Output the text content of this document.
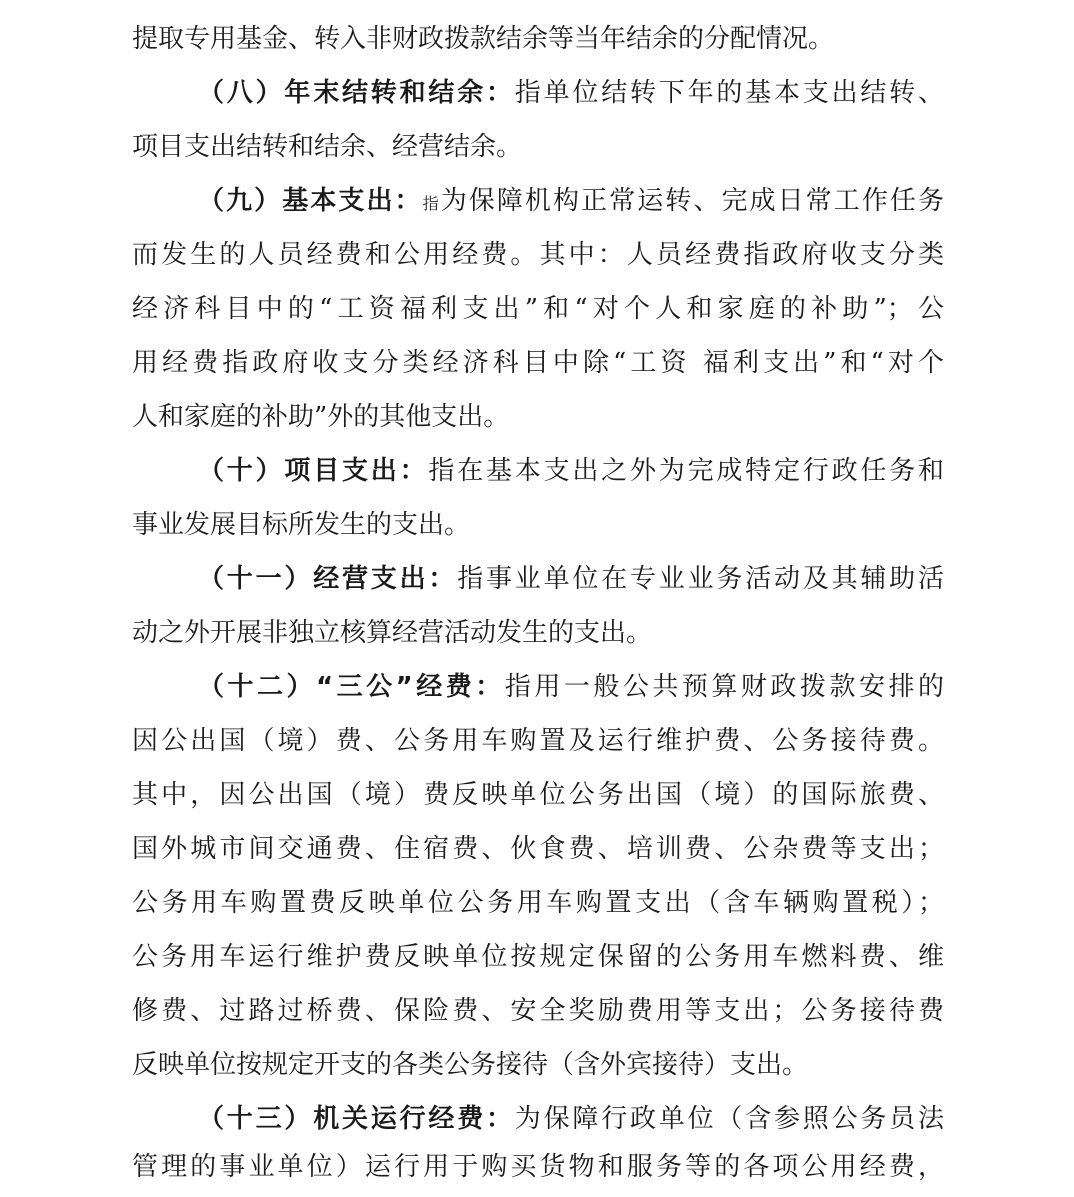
提取专用基金、转入非财政拨款结余等当年结余的分配情况。
（八）年末结转和结余：指单位结转下年的基本支出结转、
项目支出结转和结余、经营结余。
（九）基本支出：指为保障机构正常运转、完成日常工作任务
而发生的人员经费和公用经费。其中：人员经费指政府收支分类
经济科目中的“工资福利支出”和“对个人和家庭的补助”；公
用经费指政府收支分类经济科目中除“工资 福利支出”和“对个
人和家庭的补助”外的其他支出。
（十）项目支出：指在基本支出之外为完成特定行政任务和
事业发展目标所发生的支出。
（十一）经营支出：指事业单位在专业业务活动及其辅助活
动之外开展非独立核算经营活动发生的支出。
（十二）“三公”经费：指用一般公共预算财政拨款安排的
因公出国（境）费、公务用车购置及运行维护费、公务接待费。
其中，因公出国（境）费反映单位公务出国（境）的国际旅费、
国外城市间交通费、住宿费、伙食费、培训费、公杂费等支出；
公务用车购置费反映单位公务用车购置支出（含车辆购置税）；
公务用车运行维护费反映单位按规定保留的公务用车燃料费、维
修费、过路过桥费、保险费、安全奖励费用等支出；公务接待费
反映单位按规定开支的各类公务接待（含外宾接待）支出。
（十三）机关运行经费：为保障行政单位（含参照公务员法
管理的事业单位）运行用于购买货物和服务等的各项公用经费，
